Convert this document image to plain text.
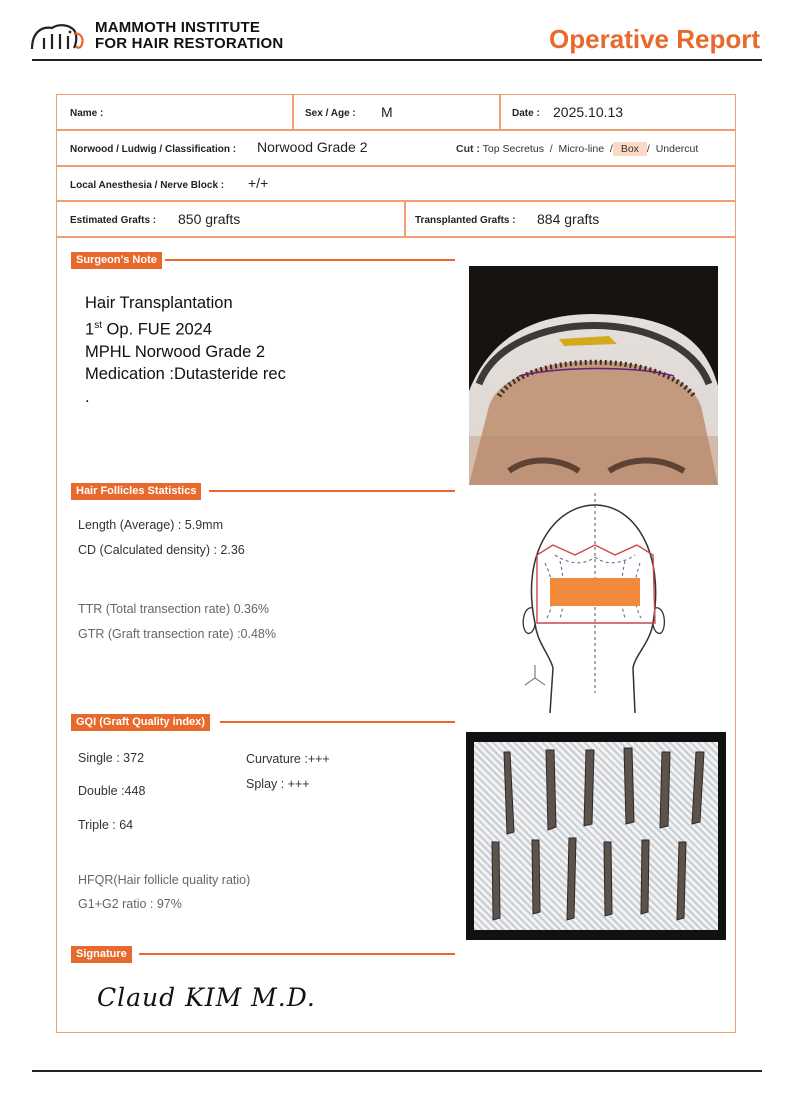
MAMMOTH INSTITUTE
FOR HAIR RESTORATION	Operative Report
Name :	Sex / Age : M	Date : 2025.10.13
Norwood / Ludwig / Classification : Norwood Grade 2	Cut : Top Secretus  /  Micro-line  / Box /  Undercut
Local Anesthesia / Nerve Block : +/+
Estimated Grafts : 850 grafts	Transplanted Grafts : 884 grafts
Surgeon's Note
Hair Transplantation
1st Op. FUE 2024
MPHL Norwood Grade 2
Medication :Dutasteride rec
.
Hair Follicles Statistics
Length (Average) : 5.9mm
CD (Calculated density) : 2.36
TTR (Total transection rate) 0.36%
GTR (Graft transection rate) :0.48%
GQI (Graft Quality index)
Single : 372
Double :448
Triple : 64
Curvature :+++
Splay : +++
HFQR(Hair follicle quality ratio)
G1+G2 ratio : 97%
Signature
Claud KIM M.D.
